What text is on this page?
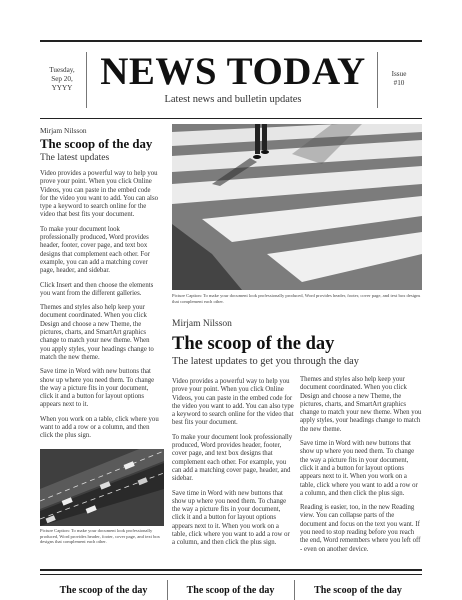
Tuesday,
Sep 20,
YYYY NEWS TODAY
Latest news and bulletin updates
Issue
#10
Mirjam Nilsson
The scoop of the day
The latest updates

Video provides a powerful way to help you prove your point. When you click Online Videos, you can paste in the embed code for the video you want to add. You can also type a keyword to search online for the video that best fits your document.

To make your document look professionally produced, Word provides header, footer, cover page, and text box designs that complement each other. For example, you can add a matching cover page, header, and sidebar.

Click Insert and then choose the elements you want from the different galleries.

Themes and styles also help keep your document coordinated. When you click Design and choose a new Theme, the pictures, charts, and SmartArt graphics change to match your new theme. When you apply styles, your headings change to match the new theme.

Save time in Word with new buttons that show up where you need them. To change the way a picture fits in your document, click it and a button for layout options appears next to it.

When you work on a table, click where you want to add a row or a column, and then click the plus sign.

Picture Caption: To make your document look professionally produced, Word provides header, footer, cover page, and text box designs that complement each other.
Picture Caption: To make your document look professionally produced, Word provides header, footer, cover page, and text box designs that complement each other.
Mirjam Nilsson
The scoop of the day
The latest updates to get you through the day

Video provides a powerful way to help you prove your point. When you click Online Videos, you can paste in the embed code for the video you want to add. You can also type a keyword to search online for the video that best fits your document.

To make your document look professionally produced, Word provides header, footer, cover page, and text box designs that complement each other. For example, you can add a matching cover page, header, and sidebar.

Save time in Word with new buttons that show up where you need them. To change the way a picture fits in your document, click it and a button for layout options appears next to it. When you work on a table, click where you want to add a row or a column, and then click the plus sign.

Themes and styles also help keep your document coordinated. When you click Design and choose a new Theme, the pictures, charts, and SmartArt graphics change to match your new theme. When you apply styles, your headings change to match the new theme.

Save time in Word with new buttons that show up where you need them. To change the way a picture fits in your document, click it and a button for layout options appears next to it. When you work on a table, click where you want to add a row or a column, and then click the plus sign.

Reading is easier, too, in the new Reading view. You can collapse parts of the document and focus on the text you want. If you need to stop reading before you reach the end, Word remembers where you left off - even on another device.

The scoop of the day	The scoop of the day	The scoop of the day
